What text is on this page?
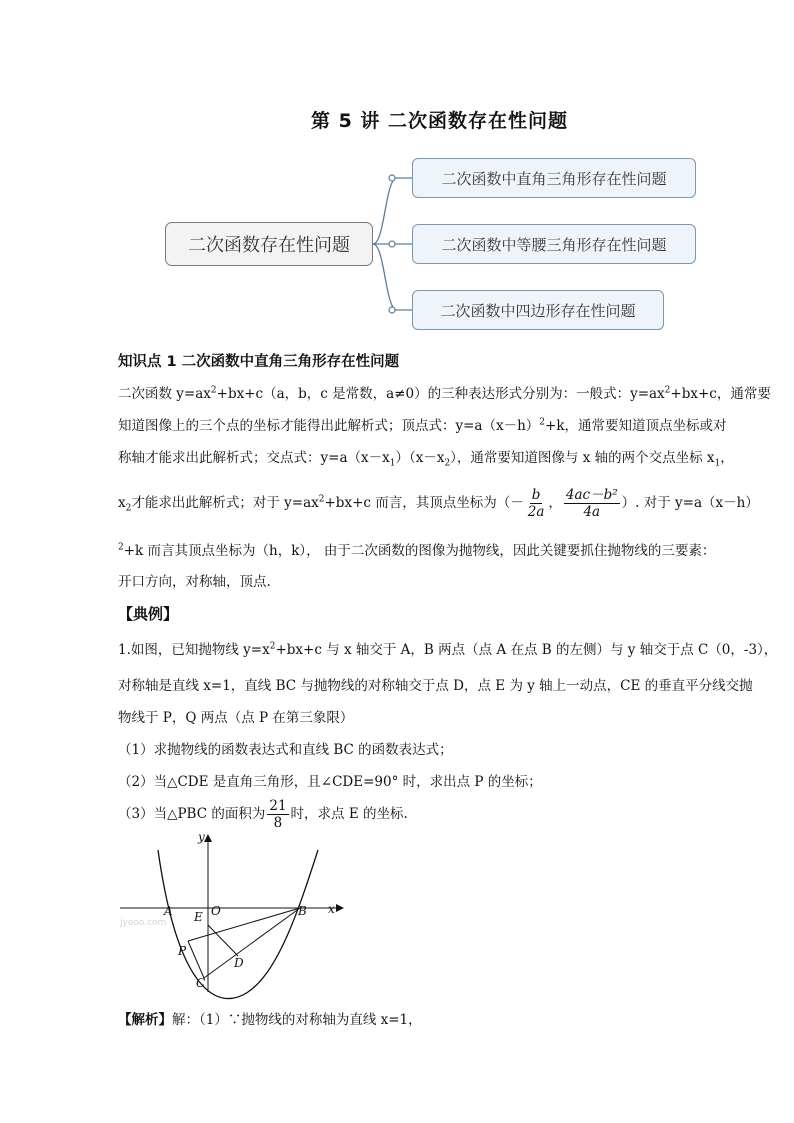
第 5 讲 二次函数存在性问题
二次函数存在性问题
二次函数中直角三角形存在性问题
二次函数中等腰三角形存在性问题
二次函数中四边形存在性问题
知识点 1 二次函数中直角三角形存在性问题
二次函数 $y=ax^2+bx+c(a$，b，c 是常数，a≠0）的三种表达形式分别为：一般式：$y=ax^2+bx+c$，通常要
知道图像上的三个点的坐标才能得出此解析式；顶点式：$y=a(x-h)^2+k$，通常要知道顶点坐标或对
称轴才能求出此解析式；交点式：$y=a(x-x_1)(x-x_2)$，通常要知道图像与 x 轴的两个交点坐标 $x_1$，
$x_2$才能求出此解析式；对于 $y=ax^2+bx+c$ 而言，其顶点坐标为（－ $\frac{b}{2a}$ ， $\frac{\text{4ac－b²}}{4a}$ ）. 对于 y=a（x－h）
$^2$+k 而言其顶点坐标为（h，k）， 由于二次函数的图像为抛物线，因此关键要抓住抛物线的三要素：
开口方向，对称轴，顶点.
【典例】
1.如图，已知抛物线 $y=x^2+bx+c$ 与 x 轴交于 A，B 两点（点 A 在点 B 的左侧）与 y 轴交于点 C（0，-3），
对称轴是直线 x=1，直线 BC 与抛物线的对称轴交于点 D，点 E 为 y 轴上一动点，CE 的垂直平分线交抛
物线于 P，Q 两点（点 P 在第三象限）
（1）求抛物线的函数表达式和直线 BC 的函数表达式；
（2）当△CDE 是直角三角形，且∠CDE=90° 时，求出点 P 的坐标；
（3）当△PBC 的面积为 $\frac{21}{8}$ 时，求点 E 的坐标.
y
x
A E O	B
P
D
C
jyeoo.com
【解析】解：（1）∵抛物线的对称轴为直线 x=1，
